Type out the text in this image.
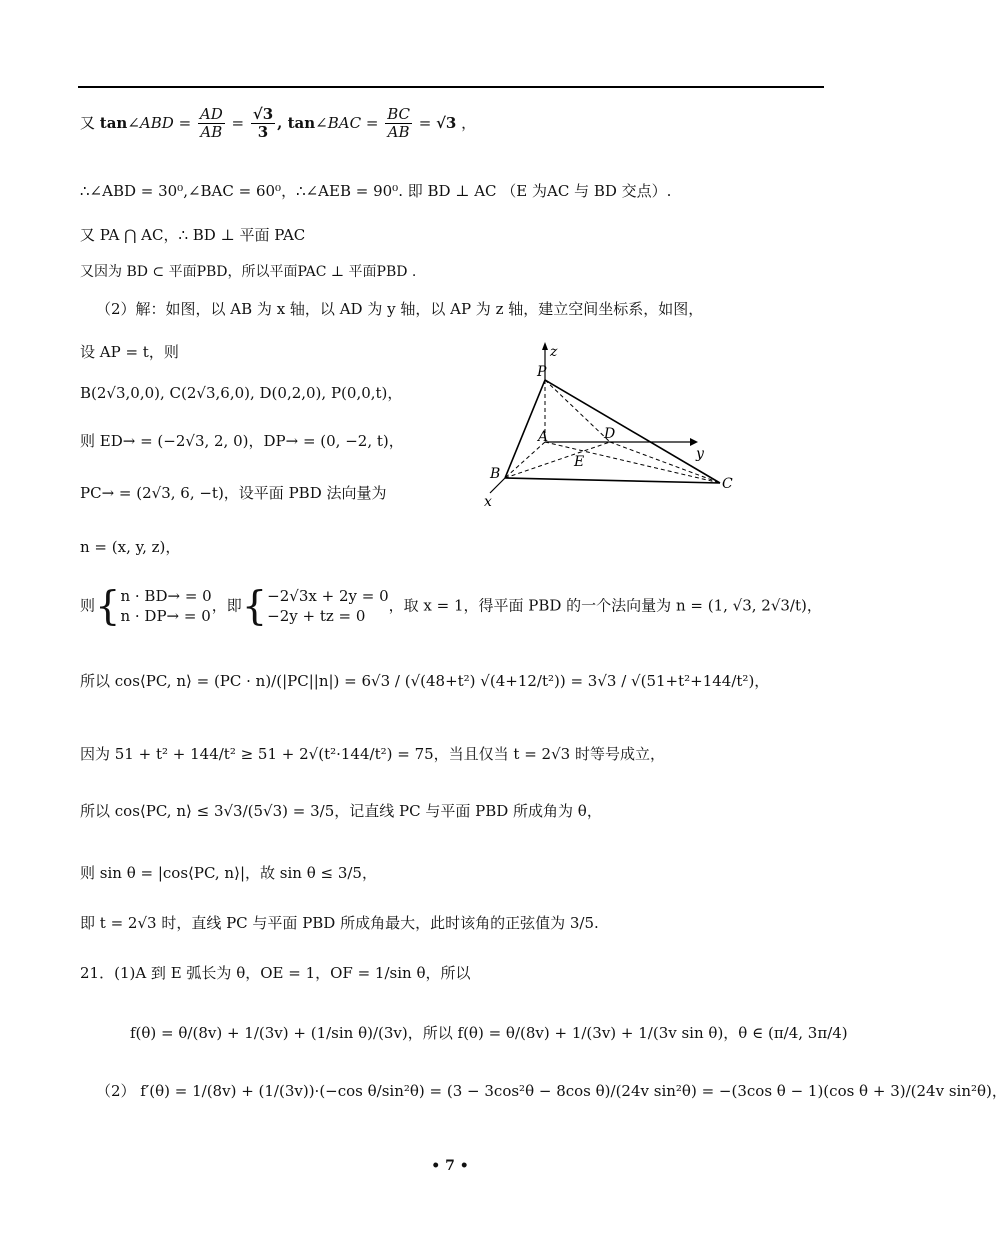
又 tan∠ABD = $\frac{AD}{AB} = \frac{√3}{3}$ , tan∠BAC = $\frac{BC}{AB} = √3$ ，
∴∠ABD = 30⁰,∠BAC = 60⁰，∴∠AEB = 90⁰. 即 BD ⊥ AC （E 为AC 与 BD 交点）.
又 PA ⋂ AC，∴ BD ⊥ 平面 PAC
又因为 BD ⊂ 平面PBD，所以平面PAC ⊥ 平面PBD .
（2）解：如图，以 AB 为 x 轴，以 AD 为 y 轴，以 AP 为 z 轴，建立空间坐标系，如图，
设 AP = t，则
B(2√3,0,0), C(2√3,6,0), D(0,2,0), P(0,0,t)，
则 ED→ = (−2√3, 2, 0)，DP→ = (0, −2, t)，
PC→ = (2√3, 6, −t)，设平面 PBD 法向量为
n = (x, y, z)，
则{ n · BD→ = 0
n · DP→ = 0
，即{ −2√3x + 2y = 0
−2y + tz = 0
，取 x = 1，得平面 PBD 的一个法向量为 n = (1, √3, 2√3/t)，
所以 cos⟨PC, n⟩ = (PC · n)/(|PC||n|) = 6√3 / (√(48+t²) √(4+12/t²)) = 3√3 / √(51+t²+144/t²)，
因为 51 + t² + 144/t² ≥ 51 + 2√(t²·144/t²) = 75，当且仅当 t = 2√3 时等号成立，
所以 cos⟨PC, n⟩ ≤ 3√3/(5√3) = 3/5，记直线 PC 与平面 PBD 所成角为 θ，
则 sin θ = |cos⟨PC, n⟩|，故 sin θ ≤ 3/5，
即 t = 2√3 时，直线 PC 与平面 PBD 所成角最大，此时该角的正弦值为 3/5.
21．(1)A 到 E 弧长为 θ，OE = 1，OF = 1/sin θ，所以
f(θ) = θ/(8v) + 1/(3v) + (1/sin θ)/(3v)，所以 f(θ) = θ/(8v) + 1/(3v) + 1/(3v sin θ)，θ ∈ (π/4, 3π/4)
（2） f′(θ) = 1/(8v) + (1/(3v))·(−cos θ/sin²θ) = (3 − 3cos²θ − 8cos θ)/(24v sin²θ) = −(3cos θ − 1)(cos θ + 3)/(24v sin²θ)，
P
z
A	D
y
E
B
C
x
• 7 •
